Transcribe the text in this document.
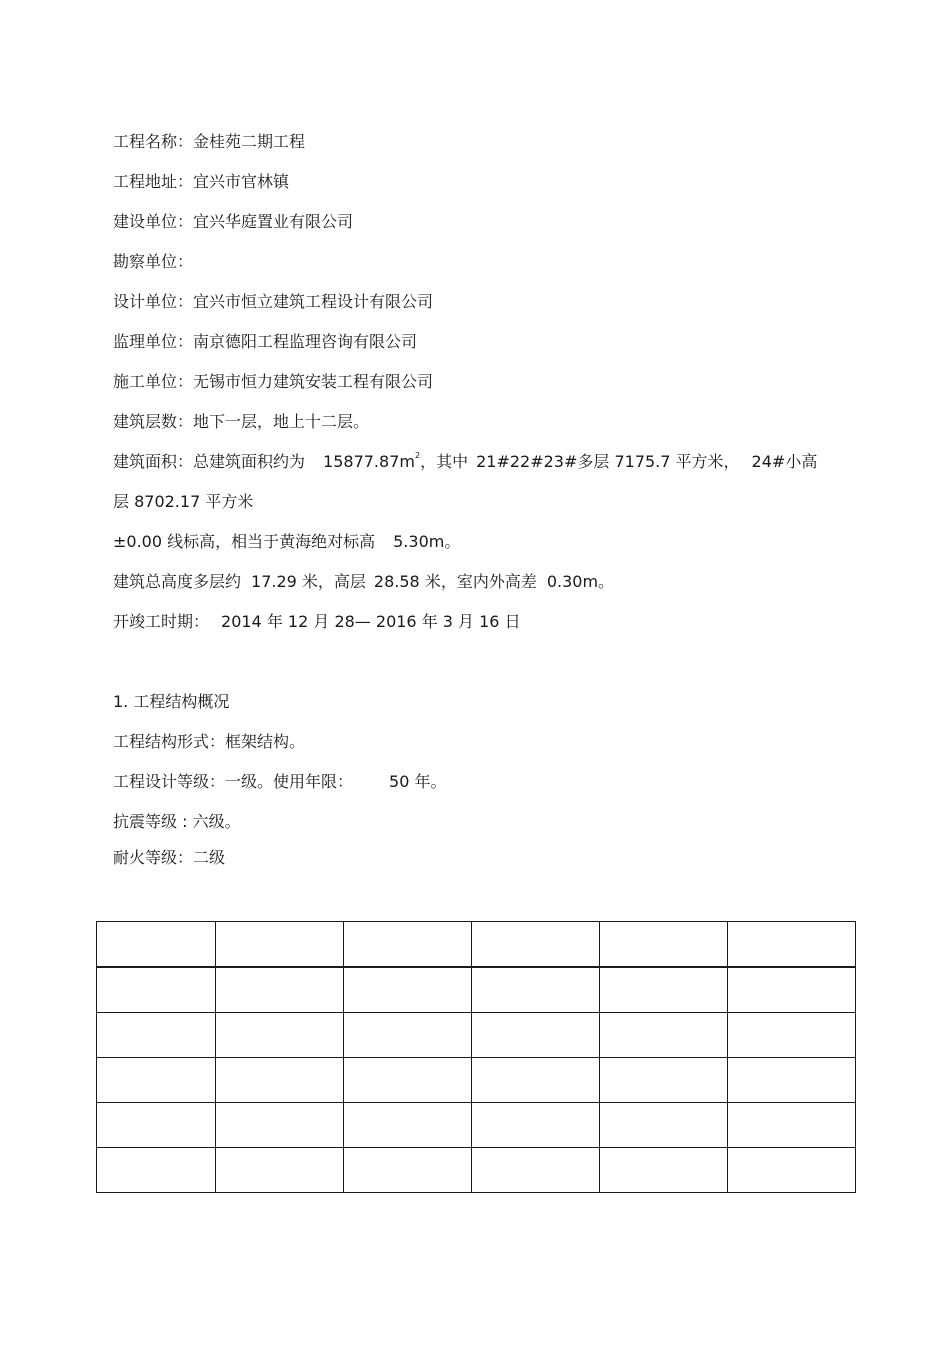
工程名称：金桂苑二期工程
工程地址：宜兴市官林镇
建设单位：宜兴华庭置业有限公司
勘察单位：
设计单位：宜兴市恒立建筑工程设计有限公司
监理单位：南京德阳工程监理咨询有限公司
施工单位：无锡市恒力建筑安装工程有限公司
建筑层数：地下一层，地上十二层。
建筑面积：总建筑面积约为 $15877.87m^2$，其中 21#22#23#多层 7175.7 平方米， 24#小高
层 8702.17 平方米
±0.00 线标高，相当于黄海绝对标高 5.30m。
建筑总高度多层约 17.29 米，高层 28.58 米，室内外高差 0.30m。
开竣工时期： 2014 年 12 月 28— 2016 年 3 月 16 日
1. 工程结构概况
工程结构形式：框架结构。
工程设计等级：一级。使用年限： 50 年。
抗震等级 : 六级。
耐火等级：二级
